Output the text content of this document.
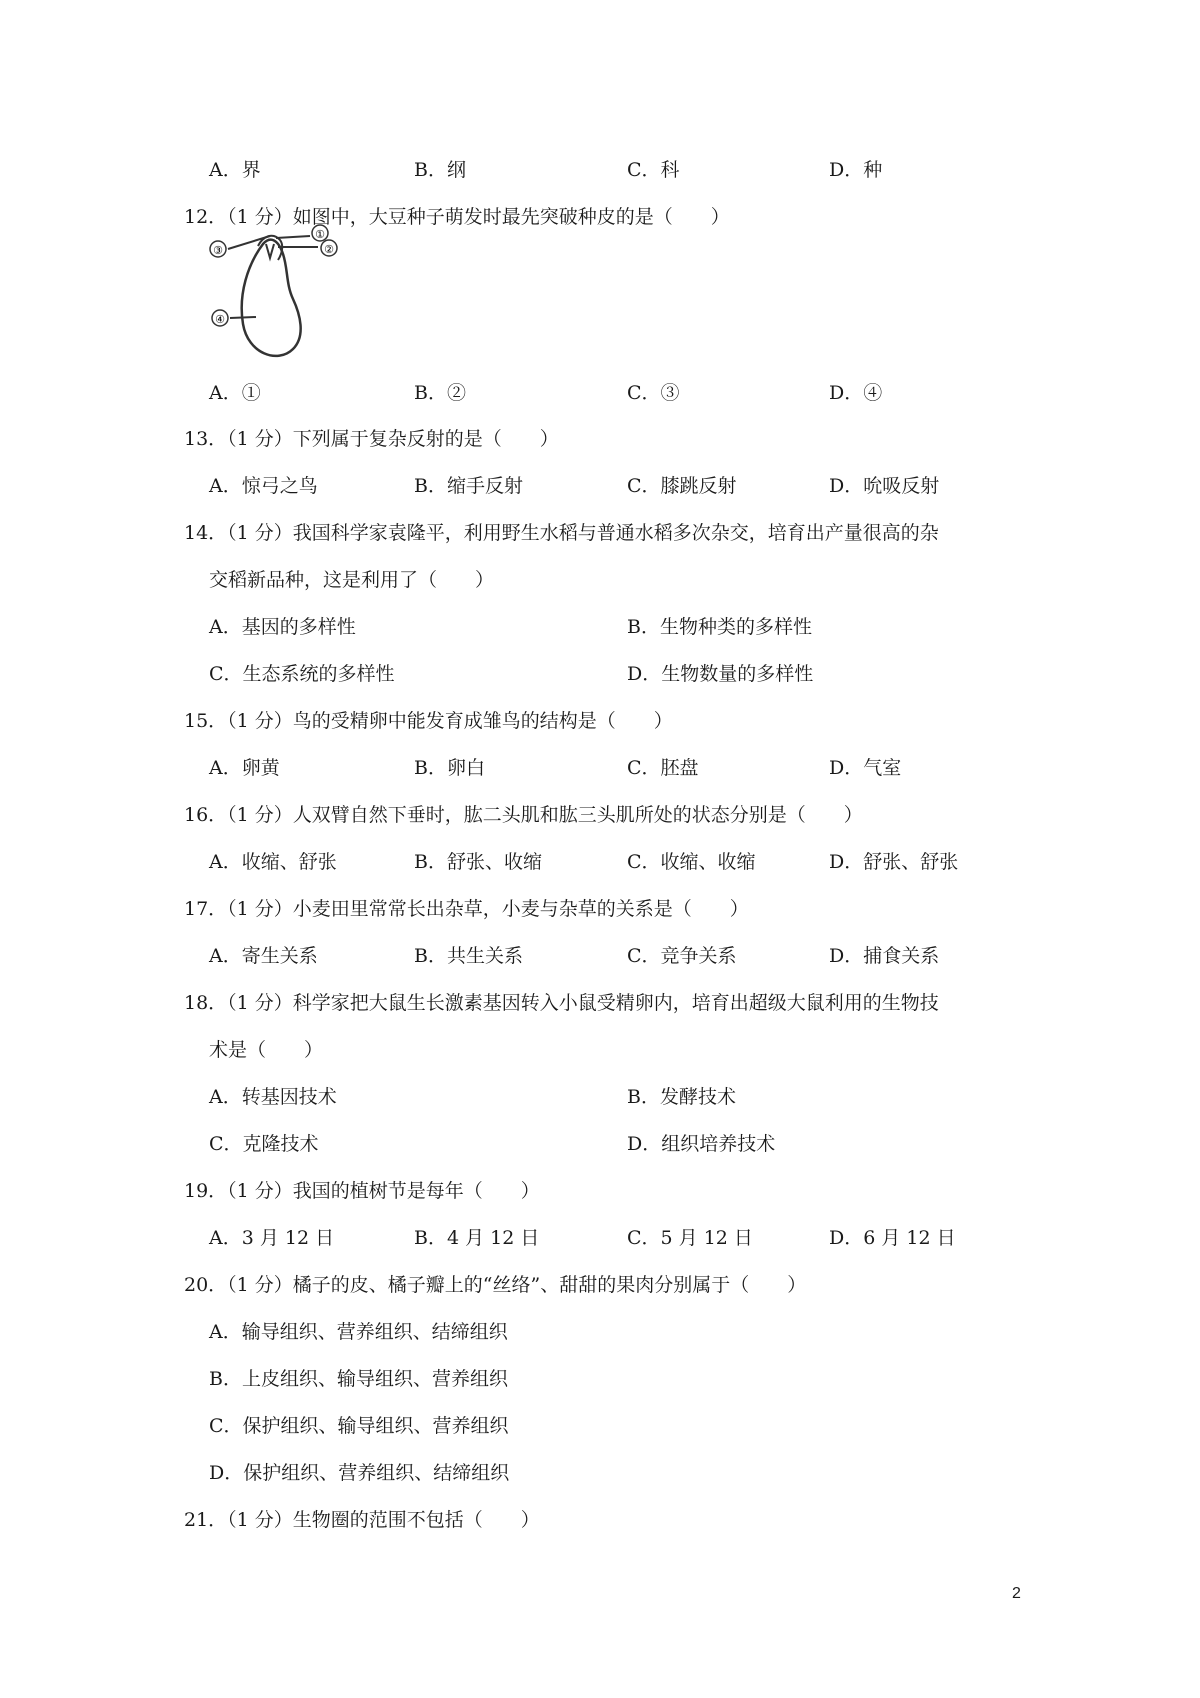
A．界	B．纲	C．科	D．种
12．（1 分）如图中，大豆种子萌发时最先突破种皮的是（　　）
③
①
②
④
A．①	B．②	C．③	D．④
13．（1 分）下列属于复杂反射的是（　　）
A．惊弓之鸟	B．缩手反射	C．膝跳反射	D．吮吸反射
14．（1 分）我国科学家袁隆平，利用野生水稻与普通水稻多次杂交，培育出产量很高的杂
交稻新品种，这是利用了（　　）
A．基因的多样性	B．生物种类的多样性
C．生态系统的多样性	D．生物数量的多样性
15．（1 分）鸟的受精卵中能发育成雏鸟的结构是（　　）
A．卵黄	B．卵白	C．胚盘	D．气室
16．（1 分）人双臂自然下垂时，肱二头肌和肱三头肌所处的状态分别是（　　）
A．收缩、舒张	B．舒张、收缩	C．收缩、收缩	D．舒张、舒张
17．（1 分）小麦田里常常长出杂草，小麦与杂草的关系是（　　）
A．寄生关系	B．共生关系	C．竞争关系	D．捕食关系
18．（1 分）科学家把大鼠生长激素基因转入小鼠受精卵内，培育出超级大鼠利用的生物技
术是（　　）
A．转基因技术	B．发酵技术
C．克隆技术	D．组织培养技术
19．（1 分）我国的植树节是每年（　　）
A．3 月 12 日	B．4 月 12 日	C．5 月 12 日	D．6 月 12 日
20．（1 分）橘子的皮、橘子瓣上的“丝络”、甜甜的果肉分别属于（　　）
A．输导组织、营养组织、结缔组织
B．上皮组织、输导组织、营养组织
C．保护组织、输导组织、营养组织
D．保护组织、营养组织、结缔组织
21．（1 分）生物圈的范围不包括（　　）
2
